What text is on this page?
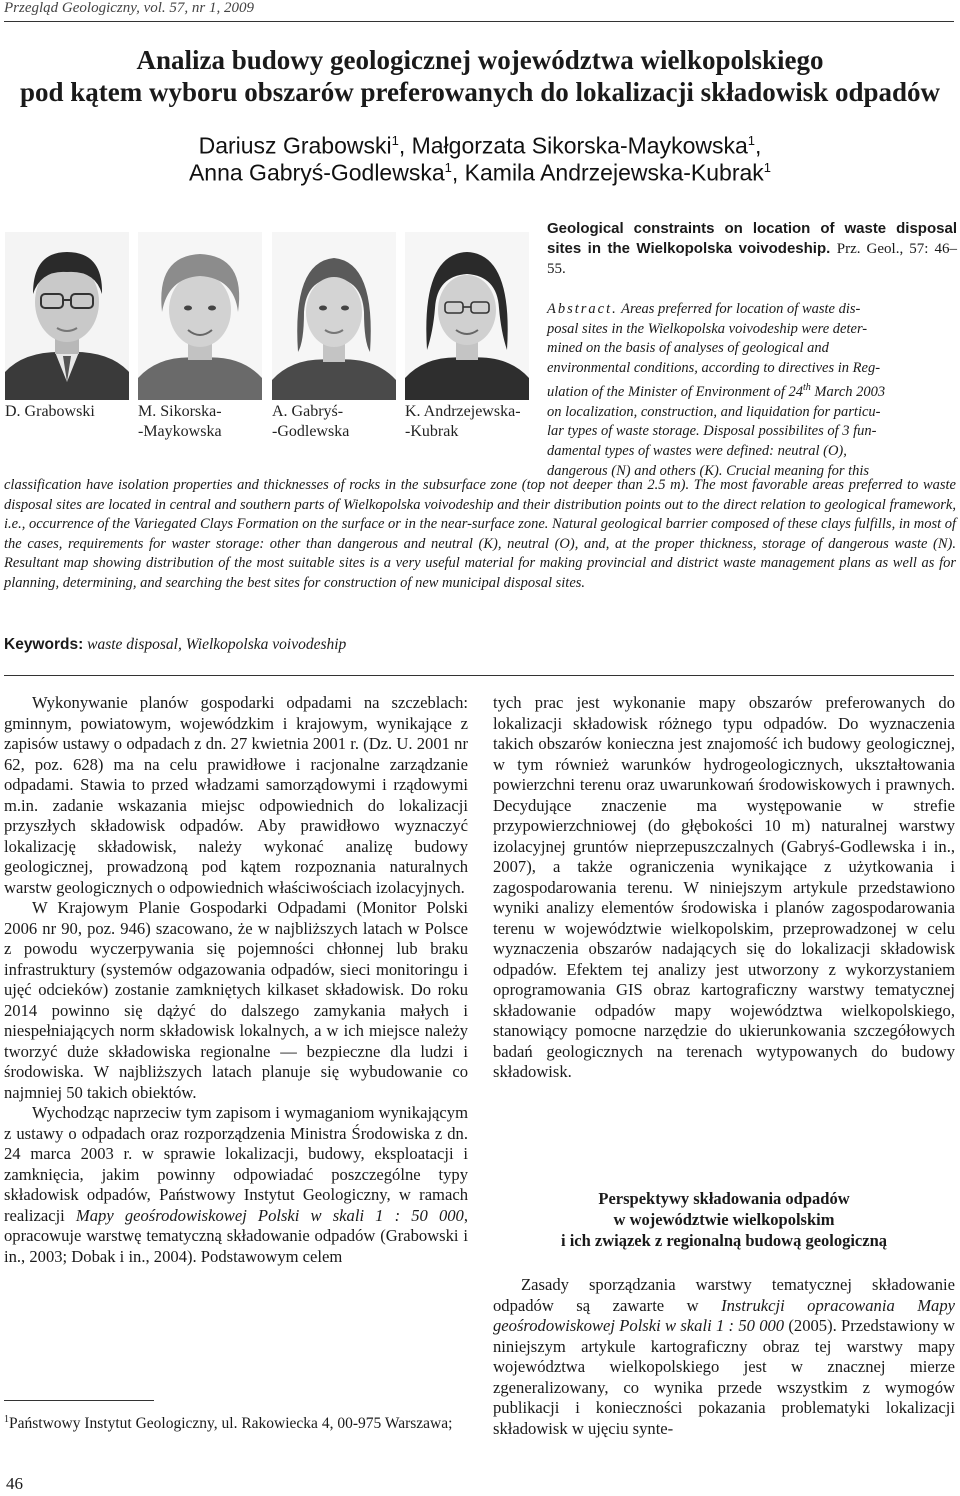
Przegląd Geologiczny, vol. 57, nr 1, 2009
Analiza budowy geologicznej województwa wielkopolskiego
pod kątem wyboru obszarów preferowanych do lokalizacji składowisk odpadów
Dariusz Grabowski$^1$, Małgorzata Sikorska-Maykowska$^1$,
Anna Gabryś-Godlewska$^1$, Kamila Andrzejewska-Kubrak$^1$
D. Grabowski	M. Sikorska-
-Maykowska
A. Gabryś-
-Godlewska
K. Andrzejewska-
-Kubrak
Geological constraints on location of waste disposal sites in the Wielkopolska voivodeship. Prz. Geol., 57: 46–55.
Abstract. Areas preferred for location of waste dis-
posal sites in the Wielkopolska voivodeship were deter-
mined on the basis of analyses of geological and
environmental conditions, according to directives in Reg-
ulation of the Minister of Environment of 24th March 2003
on localization, construction, and liquidation for particu-
lar types of waste storage. Disposal possibilites of 3 fun-
damental types of wastes were defined: neutral (O),
dangerous (N) and others (K). Crucial meaning for this
classification have isolation properties and thicknesses of rocks in the subsurface zone (top not deeper than 2.5 m). The most favorable areas preferred to waste disposal sites are located in central and southern parts of Wielkopolska voivodeship and their distribution points out to the direct relation to geological framework, i.e., occurrence of the Variegated Clays Formation on the surface or in the near-surface zone. Natural geological barrier composed of these clays fulfills, in most of the cases, requirements for waster storage: other than dangerous and neutral (K), neutral (O), and, at the proper thickness, storage of dangerous waste (N). Resultant map showing distribution of the most suitable sites is a very useful material for making provincial and district waste management plans as well as for planning, determining, and searching the best sites for construction of new municipal disposal sites.
Keywords: waste disposal, Wielkopolska voivodeship

Wykonywanie planów gospodarki odpadami na szczeblach: gminnym, powiatowym, wojewódzkim i krajowym, wynikające z zapisów ustawy o odpadach z dn. 27 kwietnia 2001 r. (Dz. U. 2001 nr 62, poz. 628) ma na celu prawidłowe i racjonalne zarządzanie odpadami. Stawia to przed władzami samorządowymi i rządowymi m.in. zadanie wskazania miejsc odpowiednich do lokalizacji przyszłych składowisk odpadów. Aby prawidłowo wyznaczyć lokalizację składowisk, należy wykonać analizę budowy geologicznej, prowadzoną pod kątem rozpoznania naturalnych warstw geologicznych o odpowiednich właściwościach izolacyjnych.

W Krajowym Planie Gospodarki Odpadami (Monitor Polski 2006 nr 90, poz. 946) szacowano, że w najbliższych latach w Polsce z powodu wyczerpywania się pojemności chłonnej lub braku infrastruktury (systemów odgazowania odpadów, sieci monitoringu i ujęć odcieków) zostanie zamkniętych kilkaset składowisk. Do roku 2014 powinno się dążyć do dalszego zamykania małych i niespełniających norm składowisk lokalnych, a w ich miejsce należy tworzyć duże składowiska regionalne — bezpieczne dla ludzi i środowiska. W najbliższych latach planuje się wybudowanie co najmniej 50 takich obiektów.

Wychodząc naprzeciw tym zapisom i wymaganiom wynikającym z ustawy o odpadach oraz rozporządzenia Ministra Środowiska z dn. 24 marca 2003 r. w sprawie lokalizacji, budowy, eksploatacji i zamknięcia, jakim powinny odpowiadać poszczególne typy składowisk odpadów, Państwowy Instytut Geologiczny, w ramach realizacji Mapy geośrodowiskowej Polski w skali 1 : 50 000, opracowuje warstwę tematyczną składowanie odpadów (Grabowski i in., 2003; Dobak i in., 2004). Podstawowym celem

$^1$Państwowy Instytut Geologiczny, ul. Rakowiecka 4, 00-975 Warszawa;

tych prac jest wykonanie mapy obszarów preferowanych do lokalizacji składowisk różnego typu odpadów. Do wyznaczenia takich obszarów konieczna jest znajomość ich budowy geologicznej, w tym również warunków hydrogeologicznych, ukształtowania powierzchni terenu oraz uwarunkowań środowiskowych i prawnych. Decydujące znaczenie ma występowanie w strefie przypowierzchniowej (do głębokości 10 m) naturalnej warstwy izolacyjnej gruntów nieprzepuszczalnych (Gabryś-Godlewska i in., 2007), a także ograniczenia wynikające z użytkowania i zagospodarowania terenu. W niniejszym artykule przedstawiono wyniki analizy elementów środowiska i planów zagospodarowania terenu w województwie wielkopolskim, przeprowadzonej w celu wyznaczenia obszarów nadających się do lokalizacji składowisk odpadów. Efektem tej analizy jest utworzony z wykorzystaniem oprogramowania GIS obraz kartograficzny warstwy tematycznej składowanie odpadów mapy województwa wielkopolskiego, stanowiący pomocne narzędzie do ukierunkowania szczegółowych badań geologicznych na terenach wytypowanych do budowy składowisk.

Perspektywy składowania odpadów
w województwie wielkopolskim
i ich związek z regionalną budową geologiczną

Zasady sporządzania warstwy tematycznej składowanie odpadów są zawarte w Instrukcji opracowania Mapy geośrodowiskowej Polski w skali 1 : 50 000 (2005). Przedstawiony w niniejszym artykule kartograficzny obraz tej warstwy mapy województwa wielkopolskiego jest w znacznej mierze zgeneralizowany, co wynika przede wszystkim z wymogów publikacji i konieczności pokazania problematyki lokalizacji składowisk w ujęciu synte-

46
